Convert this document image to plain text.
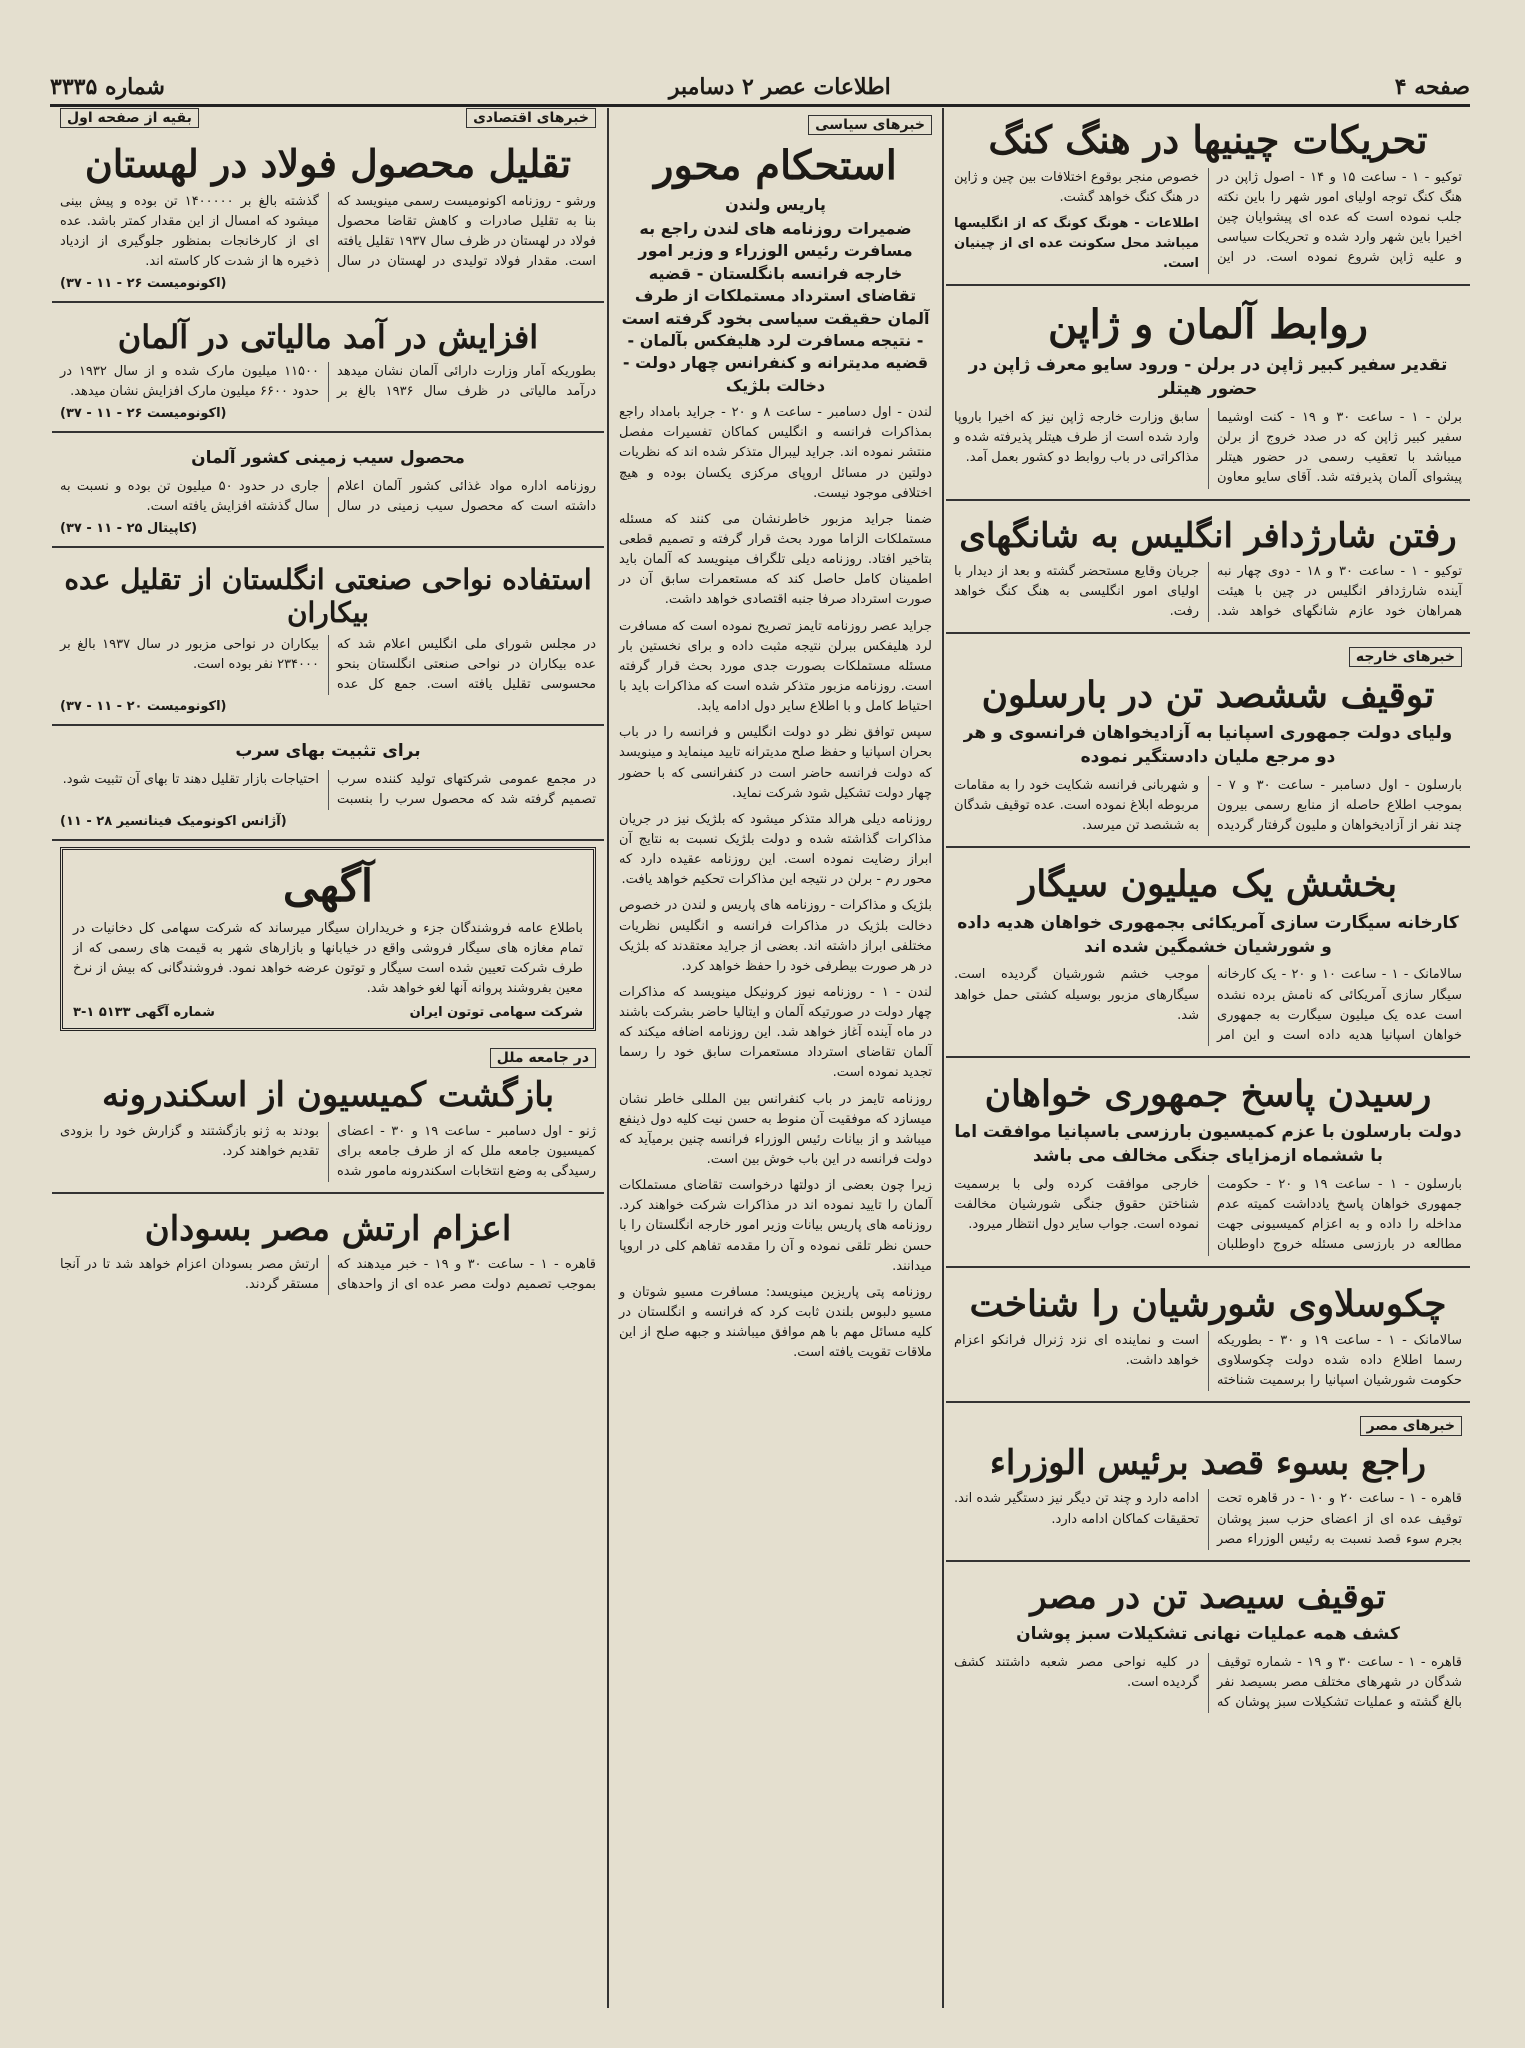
صفحه ۴
اطلاعات عصر ۲ دسامبر
شماره ۳۳۳۵
تحریکات چینیها در هنگ کنگ

توکیو - ۱ - ساعت ۱۵ و ۱۴ - اصول ژاپن در هنگ کنگ توجه اولیای امور شهر را باین نکته جلب نموده است که عده ای پیشوایان چین اخیرا باین شهر وارد شده و تحریکات سیاسی و علیه ژاپن شروع نموده است. در این خصوص منجر بوقوع اختلافات بین چین و ژاپن در هنگ کنگ خواهد گشت.

اطلاعات - هونگ کونگ که از انگلیسها میباشد محل سکونت عده ای از چینیان است.

روابط آلمان و ژاپن
تقدیر سفیر کبیر ژاپن در برلن - ورود سایو معرف ژاپن در حضور هیتلر
برلن - ۱ - ساعت ۳۰ و ۱۹ - کنت اوشیما سفیر کبیر ژاپن که در صدد خروج از برلن میباشد با تعقیب رسمی در حضور هیتلر پیشوای آلمان پذیرفته شد. آقای سایو معاون سابق وزارت خارجه ژاپن نیز که اخیرا باروپا وارد شده است از طرف هیتلر پذیرفته شده و مذاکراتی در باب روابط دو کشور بعمل آمد.
رفتن شارژدافر انگلیس به شانگهای
توکیو - ۱ - ساعت ۳۰ و ۱۸ - دوی چهار نبه آینده شارژدافر انگلیس در چین با هیئت همراهان خود عازم شانگهای خواهد شد. جریان وقایع مستحضر گشته و بعد از دیدار با اولیای امور انگلیسی به هنگ کنگ خواهد رفت.
خبرهای خارجه
توقیف ششصد تن در بارسلون
ولیای دولت جمهوری اسپانیا به آزادیخواهان فرانسوی و هر دو مرجع ملیان دادستگیر نموده
بارسلون - اول دسامبر - ساعت ۳۰ و ۷ - بموجب اطلاع حاصله از منابع رسمی بیرون چند نفر از آزادیخواهان و ملیون گرفتار گردیده و شهربانی فرانسه شکایت خود را به مقامات مربوطه ابلاغ نموده است. عده توقیف شدگان به ششصد تن میرسد.
بخشش یک میلیون سیگار
کارخانه سیگارت سازی آمریکائی بجمهوری خواهان هدیه داده و شورشیان خشمگین شده اند
سالامانک - ۱ - ساعت ۱۰ و ۲۰ - یک کارخانه سیگار سازی آمریکائی که نامش برده نشده است عده یک میلیون سیگارت به جمهوری خواهان اسپانیا هدیه داده است و این امر موجب خشم شورشیان گردیده است. سیگارهای مزبور بوسیله کشتی حمل خواهد شد.
رسیدن پاسخ جمهوری خواهان
دولت بارسلون با عزم کمیسیون بارزسی باسپانیا موافقت اما با ششماه ازمزایای جنگی مخالف می باشد
بارسلون - ۱ - ساعت ۱۹ و ۲۰ - حکومت جمهوری خواهان پاسخ یادداشت کمیته عدم مداخله را داده و به اعزام کمیسیونی جهت مطالعه در بارزسی مسئله خروج داوطلبان خارجی موافقت کرده ولی با برسمیت شناختن حقوق جنگی شورشیان مخالفت نموده است. جواب سایر دول انتظار میرود.
چکوسلاوی شورشیان را شناخت
سالامانک - ۱ - ساعت ۱۹ و ۳۰ - بطوریکه رسما اطلاع داده شده دولت چکوسلاوی حکومت شورشیان اسپانیا را برسمیت شناخته است و نماینده ای نزد ژنرال فرانکو اعزام خواهد داشت.
خبرهای مصر
راجع بسوء قصد برئیس الوزراء
قاهره - ۱ - ساعت ۲۰ و ۱۰ - در قاهره تحت توقیف عده ای از اعضای حزب سبز پوشان بجرم سوء قصد نسبت به رئیس الوزراء مصر ادامه دارد و چند تن دیگر نیز دستگیر شده اند. تحقیقات کماکان ادامه دارد.
توقیف سیصد تن در مصر
کشف همه عملیات نهانی تشکیلات سبز پوشان
قاهره - ۱ - ساعت ۳۰ و ۱۹ - شماره توقیف شدگان در شهرهای مختلف مصر بسیصد نفر بالغ گشته و عملیات تشکیلات سبز پوشان که در کلیه نواحی مصر شعبه داشتند کشف گردیده است.
خبرهای سیاسی
استحکام محور
پاریس ولندن
ضمیرات روزنامه های لندن راجع به مسافرت رئیس الوزراء و وزیر امور خارجه فرانسه بانگلستان - قضیه تقاضای استرداد مستملکات از طرف آلمان حقیقت سیاسی بخود گرفته است - نتیجه مسافرت لرد هلیفکس بآلمان - قضیه مدیترانه و کنفرانس چهار دولت - دخالت بلژیک

لندن - اول دسامبر - ساعت ۸ و ۲۰ - جراید بامداد راجع بمذاکرات فرانسه و انگلیس کماکان تفسیرات مفصل منتشر نموده اند. جراید لیبرال متذکر شده اند که نظریات دولتین در مسائل اروپای مرکزی یکسان بوده و هیچ اختلافی موجود نیست.

ضمنا جراید مزبور خاطرنشان می کنند که مسئله مستملکات الزاما مورد بحث قرار گرفته و تصمیم قطعی بتاخیر افتاد. روزنامه دیلی تلگراف مینویسد که آلمان باید اطمینان کامل حاصل کند که مستعمرات سابق آن در صورت استرداد صرفا جنبه اقتصادی خواهد داشت.

جراید عصر روزنامه تایمز تصریح نموده است که مسافرت لرد هلیفکس ببرلن نتیجه مثبت داده و برای نخستین بار مسئله مستملکات بصورت جدی مورد بحث قرار گرفته است. روزنامه مزبور متذکر شده است که مذاکرات باید با احتیاط کامل و با اطلاع سایر دول ادامه یابد.

سپس توافق نظر دو دولت انگلیس و فرانسه را در باب بحران اسپانیا و حفظ صلح مدیترانه تایید مینماید و مینویسد که دولت فرانسه حاضر است در کنفرانسی که با حضور چهار دولت تشکیل شود شرکت نماید.

روزنامه دیلی هرالد متذکر میشود که بلژیک نیز در جریان مذاکرات گذاشته شده و دولت بلژیک نسبت به نتایج آن ابراز رضایت نموده است. این روزنامه عقیده دارد که محور رم - برلن در نتیجه این مذاکرات تحکیم خواهد یافت.

بلژیک و مذاکرات - روزنامه های پاریس و لندن در خصوص دخالت بلژیک در مذاکرات فرانسه و انگلیس نظریات مختلفی ابراز داشته اند. بعضی از جراید معتقدند که بلژیک در هر صورت بیطرفی خود را حفظ خواهد کرد.

لندن - ۱ - روزنامه نیوز کرونیکل مینویسد که مذاکرات چهار دولت در صورتیکه آلمان و ایتالیا حاضر بشرکت باشند در ماه آینده آغاز خواهد شد. این روزنامه اضافه میکند که آلمان تقاضای استرداد مستعمرات سابق خود را رسما تجدید نموده است.

روزنامه تایمز در باب کنفرانس بین المللی خاطر نشان میسازد که موفقیت آن منوط به حسن نیت کلیه دول ذینفع میباشد و از بیانات رئیس الوزراء فرانسه چنین برمیآید که دولت فرانسه در این باب خوش بین است.

زیرا چون بعضی از دولتها درخواست تقاضای مستملکات آلمان را تایید نموده اند در مذاکرات شرکت خواهند کرد. روزنامه های پاریس بیانات وزیر امور خارجه انگلستان را با حسن نظر تلقی نموده و آن را مقدمه تفاهم کلی در اروپا میدانند.

روزنامه پتی پاریزین مینویسد: مسافرت مسیو شوتان و مسیو دلبوس بلندن ثابت کرد که فرانسه و انگلستان در کلیه مسائل مهم با هم موافق میباشند و جبهه صلح از این ملاقات تقویت یافته است.

خبرهای اقتصادی
بقیه از صفحه اول
تقلیل محصول فولاد در لهستان
ورشو - روزنامه اکونومیست رسمی مینویسد که بنا به تقلیل صادرات و کاهش تقاضا محصول فولاد در لهستان در ظرف سال ۱۹۳۷ تقلیل یافته است. مقدار فولاد تولیدی در لهستان در سال گذشته بالغ بر ۱۴۰۰۰۰۰ تن بوده و پیش بینی میشود که امسال از این مقدار کمتر باشد. عده ای از کارخانجات بمنظور جلوگیری از ازدیاد ذخیره ها از شدت کار کاسته اند.
(اکونومیست ۲۶ - ۱۱ - ۳۷)
افزایش در آمد مالیاتی در آلمان
بطوریکه آمار وزارت دارائی آلمان نشان میدهد درآمد مالیاتی در ظرف سال ۱۹۳۶ بالغ بر ۱۱۵۰۰ میلیون مارک شده و از سال ۱۹۳۲ در حدود ۶۶۰۰ میلیون مارک افزایش نشان میدهد.
(اکونومیست ۲۶ - ۱۱ - ۳۷)
محصول سیب زمینی کشور آلمان
روزنامه اداره مواد غذائی کشور آلمان اعلام داشته است که محصول سیب زمینی در سال جاری در حدود ۵۰ میلیون تن بوده و نسبت به سال گذشته افزایش یافته است.
(کاپیتال ۲۵ - ۱۱ - ۳۷)
استفاده نواحی صنعتی انگلستان از تقلیل عده بیکاران
در مجلس شورای ملی انگلیس اعلام شد که عده بیکاران در نواحی صنعتی انگلستان بنحو محسوسی تقلیل یافته است. جمع کل عده بیکاران در نواحی مزبور در سال ۱۹۳۷ بالغ بر ۲۳۴۰۰۰ نفر بوده است.
(اکونومیست ۲۰ - ۱۱ - ۳۷)
برای تثبیت بهای سرب
در مجمع عمومی شرکتهای تولید کننده سرب تصمیم گرفته شد که محصول سرب را بنسبت احتیاجات بازار تقلیل دهند تا بهای آن تثبیت شود.
(آژانس اکونومیک فینانسیر ۲۸ - ۱۱)
آگهی
باطلاع عامه فروشندگان جزء و خریداران سیگار میرساند که شرکت سهامی کل دخانیات در تمام مغازه های سیگار فروشی واقع در خیابانها و بازارهای شهر به قیمت های رسمی که از طرف شرکت تعیین شده است سیگار و توتون عرضه خواهد نمود. فروشندگانی که بیش از نرخ معین بفروشند پروانه آنها لغو خواهد شد.
شرکت سهامی توتون ایران
شماره آگهی ۵۱۳۳ ۱-۳
در جامعه ملل
بازگشت کمیسیون از اسکندرونه
ژنو - اول دسامبر - ساعت ۱۹ و ۳۰ - اعضای کمیسیون جامعه ملل که از طرف جامعه برای رسیدگی به وضع انتخابات اسکندرونه مامور شده بودند به ژنو بازگشتند و گزارش خود را بزودی تقدیم خواهند کرد.
اعزام ارتش مصر بسودان
قاهره - ۱ - ساعت ۳۰ و ۱۹ - خبر میدهند که بموجب تصمیم دولت مصر عده ای از واحدهای ارتش مصر بسودان اعزام خواهد شد تا در آنجا مستقر گردند.
